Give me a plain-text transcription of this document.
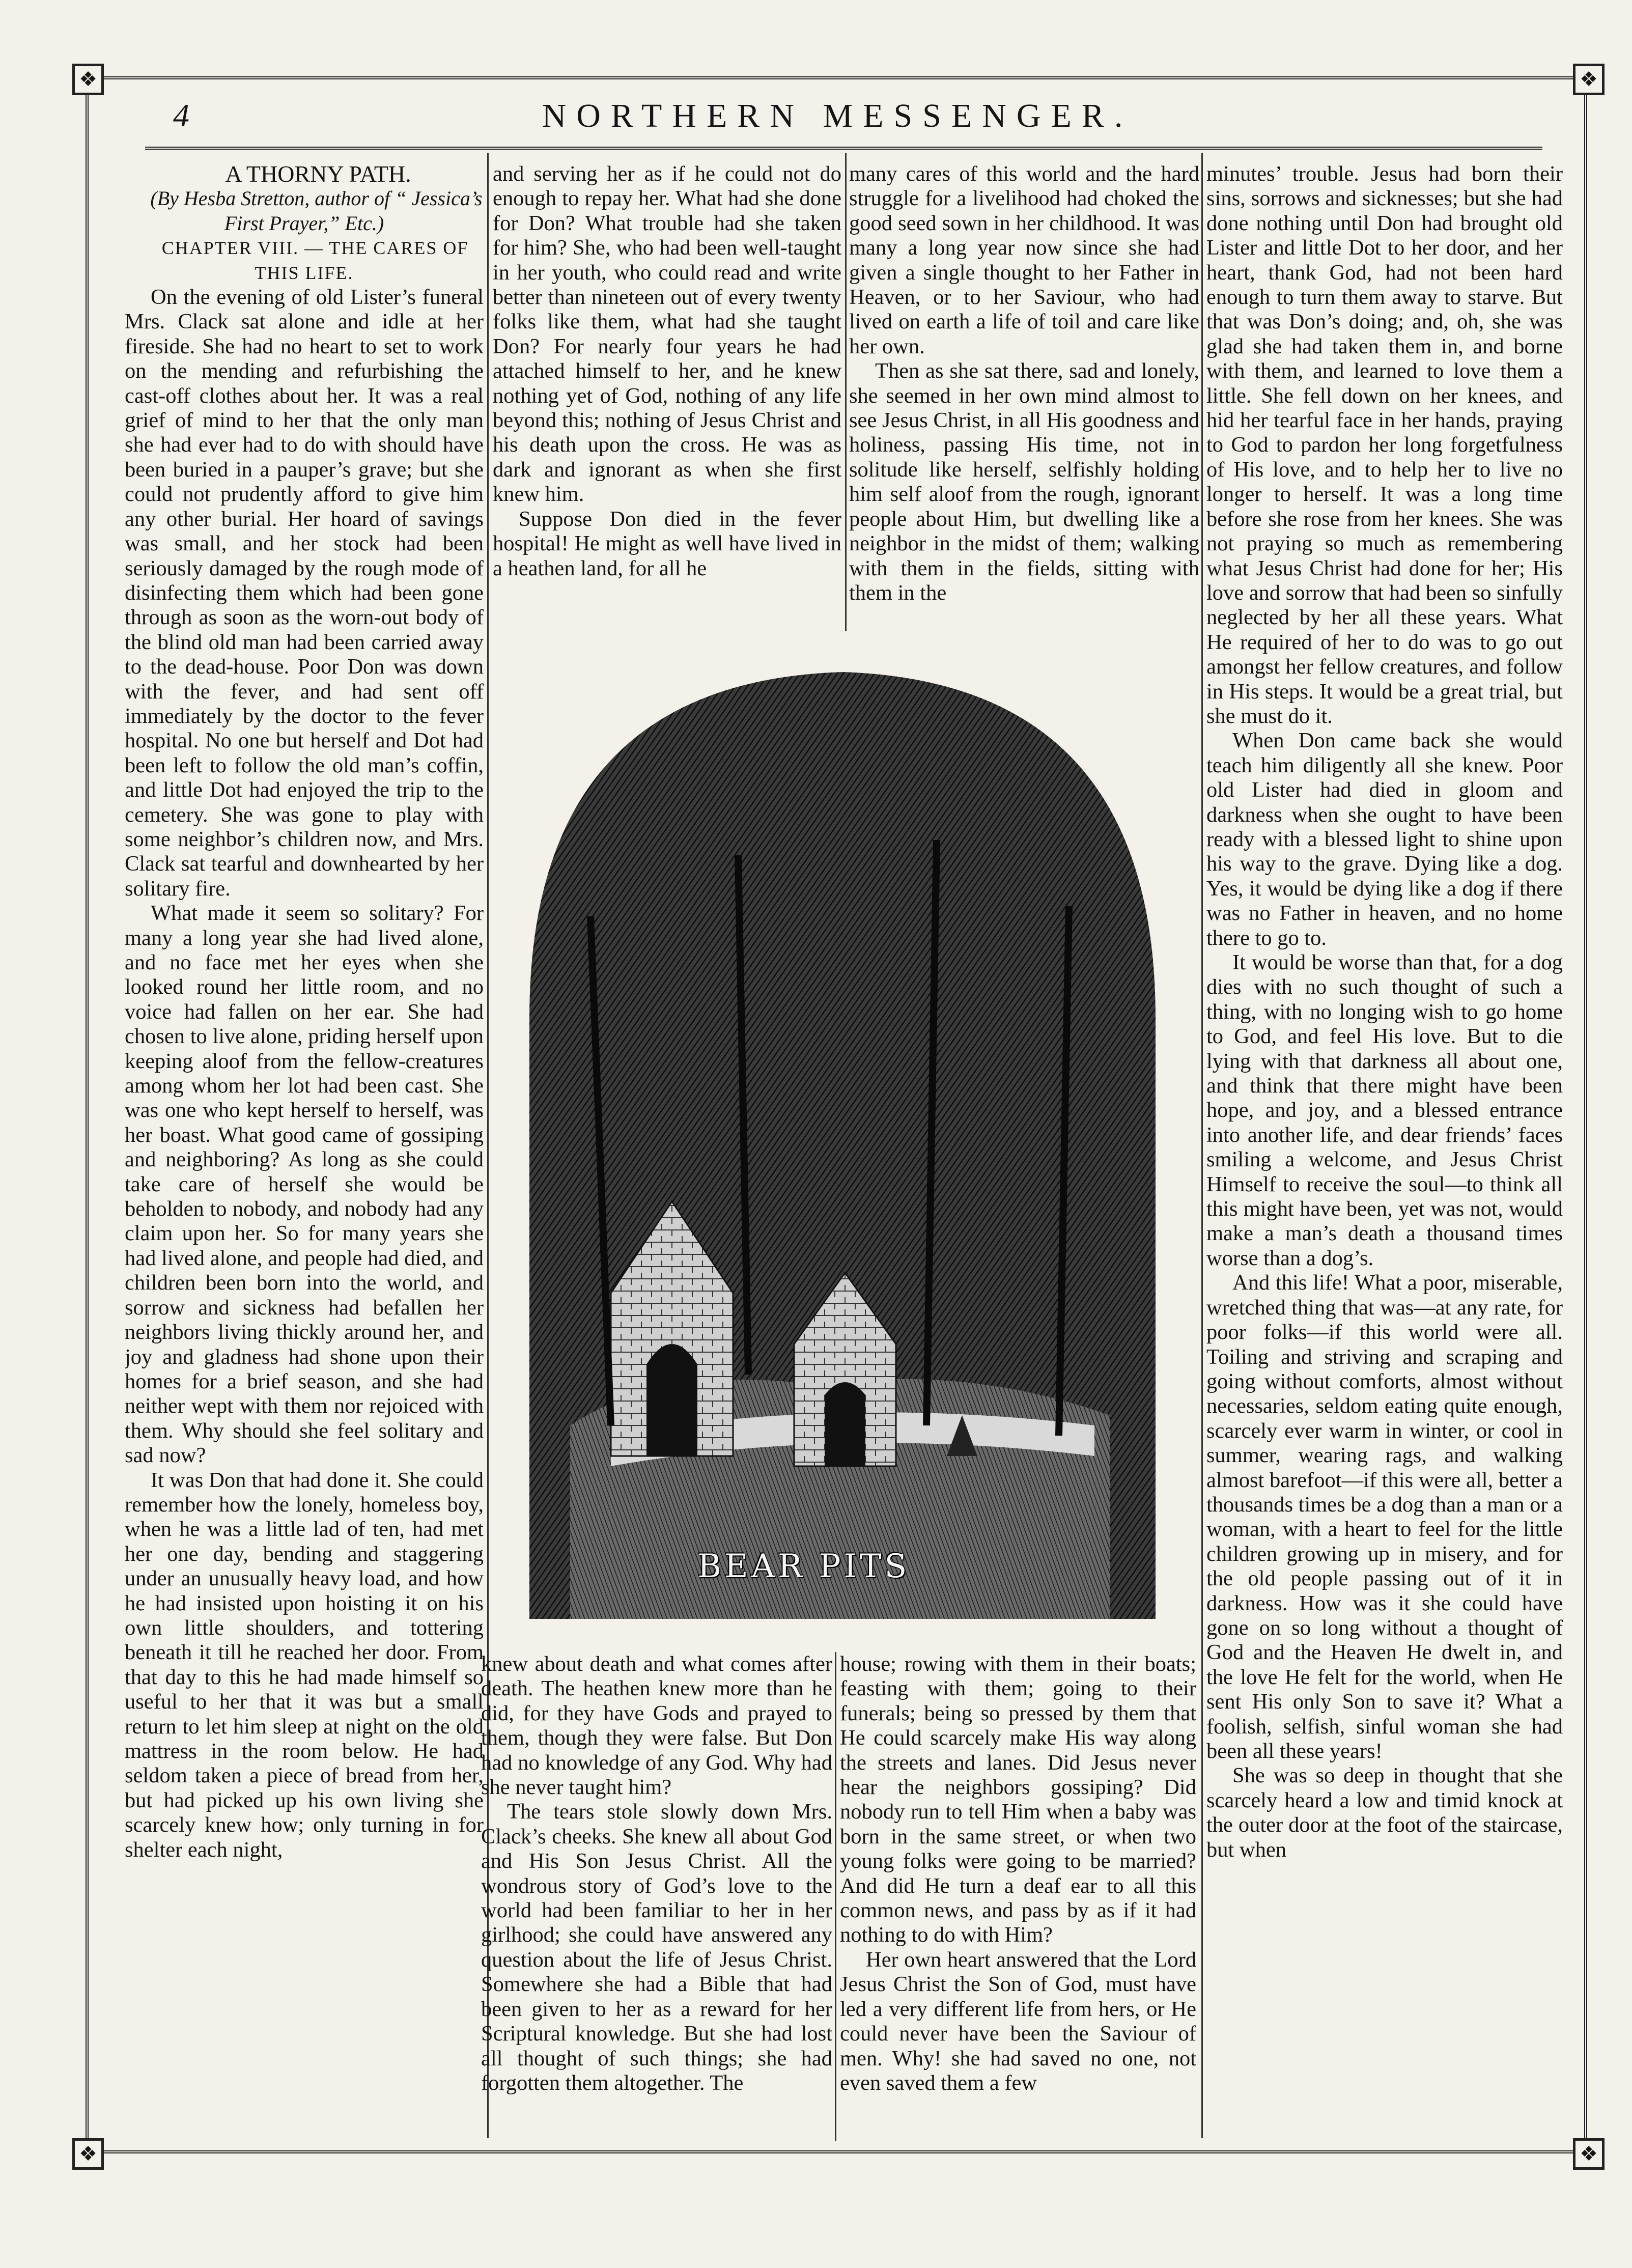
❖	❖
❖	❖
4	NORTHERN MESSENGER.

A THORNY PATH.

(By Hesba Stretton, author of “ Jessica’s First Prayer,” Etc.)

CHAPTER VIII. — THE CARES OF THIS LIFE.

On the evening of old Lister’s funeral Mrs. Clack sat alone and idle at her fireside. She had no heart to set to work on the mending and refurbishing the cast-off clothes about her. It was a real grief of mind to her that the only man she had ever had to do with should have been buried in a pauper’s grave; but she could not prudently afford to give him any other burial. Her hoard of savings was small, and her stock had been seriously damaged by the rough mode of disinfecting them which had been gone through as soon as the worn-out body of the blind old man had been carried away to the dead-house. Poor Don was down with the fever, and had sent off immediately by the doctor to the fever hospital. No one but herself and Dot had been left to follow the old man’s coffin, and little Dot had enjoyed the trip to the cemetery. She was gone to play with some neighbor’s children now, and Mrs. Clack sat tearful and downhearted by her solitary fire.

What made it seem so solitary? For many a long year she had lived alone, and no face met her eyes when she looked round her little room, and no voice had fallen on her ear. She had chosen to live alone, priding herself upon keeping aloof from the fellow-creatures among whom her lot had been cast. She was one who kept herself to herself, was her boast. What good came of gossiping and neighboring? As long as she could take care of herself she would be beholden to nobody, and nobody had any claim upon her. So for many years she had lived alone, and people had died, and children been born into the world, and sorrow and sickness had befallen her neighbors living thickly around her, and joy and gladness had shone upon their homes for a brief season, and she had neither wept with them nor rejoiced with them. Why should she feel solitary and sad now?

It was Don that had done it. She could remember how the lonely, homeless boy, when he was a little lad of ten, had met her one day, bending and staggering under an unusually heavy load, and how he had insisted upon hoisting it on his own little shoulders, and tottering beneath it till he reached her door. From that day to this he had made himself so useful to her that it was but a small return to let him sleep at night on the old mattress in the room below. He had seldom taken a piece of bread from her, but had picked up his own living she scarcely knew how; only turning in for shelter each night,

and serving her as if he could not do enough to repay her. What had she done for Don? What trouble had she taken for him? She, who had been well-taught in her youth, who could read and write better than nineteen out of every twenty folks like them, what had she taught Don? For nearly four years he had attached himself to her, and he knew nothing yet of God, nothing of any life beyond this; nothing of Jesus Christ and his death upon the cross. He was as dark and ignorant as when she first knew him.

Suppose Don died in the fever hospital! He might as well have lived in a heathen land, for all he

many cares of this world and the hard struggle for a livelihood had choked the good seed sown in her childhood. It was many a long year now since she had given a single thought to her Father in Heaven, or to her Saviour, who had lived on earth a life of toil and care like her own.

Then as she sat there, sad and lonely, she seemed in her own mind almost to see Jesus Christ, in all His goodness and holiness, passing His time, not in solitude like herself, selfishly holding him self aloof from the rough, ignorant people about Him, but dwelling like a neighbor in the midst of them; walking with them in the fields, sitting with them in the

BEAR PITS

knew about death and what comes after death. The heathen knew more than he did, for they have Gods and prayed to them, though they were false. But Don had no knowledge of any God. Why had she never taught him?

The tears stole slowly down Mrs. Clack’s cheeks. She knew all about God and His Son Jesus Christ. All the wondrous story of God’s love to the world had been familiar to her in her girlhood; she could have answered any question about the life of Jesus Christ. Somewhere she had a Bible that had been given to her as a reward for her Scriptural knowledge. But she had lost all thought of such things; she had forgotten them altogether. The

house; rowing with them in their boats; feasting with them; going to their funerals; being so pressed by them that He could scarcely make His way along the streets and lanes. Did Jesus never hear the neighbors gossiping? Did nobody run to tell Him when a baby was born in the same street, or when two young folks were going to be married? And did He turn a deaf ear to all this common news, and pass by as if it had nothing to do with Him?

Her own heart answered that the Lord Jesus Christ the Son of God, must have led a very different life from hers, or He could never have been the Saviour of men. Why! she had saved no one, not even saved them a few

minutes’ trouble. Jesus had born their sins, sorrows and sicknesses; but she had done nothing until Don had brought old Lister and little Dot to her door, and her heart, thank God, had not been hard enough to turn them away to starve. But that was Don’s doing; and, oh, she was glad she had taken them in, and borne with them, and learned to love them a little. She fell down on her knees, and hid her tearful face in her hands, praying to God to pardon her long forgetfulness of His love, and to help her to live no longer to herself. It was a long time before she rose from her knees. She was not praying so much as remembering what Jesus Christ had done for her; His love and sorrow that had been so sinfully neglected by her all these years. What He required of her to do was to go out amongst her fellow creatures, and follow in His steps. It would be a great trial, but she must do it.

When Don came back she would teach him diligently all she knew. Poor old Lister had died in gloom and darkness when she ought to have been ready with a blessed light to shine upon his way to the grave. Dying like a dog. Yes, it would be dying like a dog if there was no Father in heaven, and no home there to go to.

It would be worse than that, for a dog dies with no such thought of such a thing, with no longing wish to go home to God, and feel His love. But to die lying with that darkness all about one, and think that there might have been hope, and joy, and a blessed entrance into another life, and dear friends’ faces smiling a welcome, and Jesus Christ Himself to receive the soul—to think all this might have been, yet was not, would make a man’s death a thousand times worse than a dog’s.

And this life! What a poor, miserable, wretched thing that was—at any rate, for poor folks—if this world were all. Toiling and striving and scraping and going without comforts, almost without necessaries, seldom eating quite enough, scarcely ever warm in winter, or cool in summer, wearing rags, and walking almost barefoot—if this were all, better a thousands times be a dog than a man or a woman, with a heart to feel for the little children growing up in misery, and for the old people passing out of it in darkness. How was it she could have gone on so long without a thought of God and the Heaven He dwelt in, and the love He felt for the world, when He sent His only Son to save it? What a foolish, selfish, sinful woman she had been all these years!

She was so deep in thought that she scarcely heard a low and timid knock at the outer door at the foot of the staircase, but when
